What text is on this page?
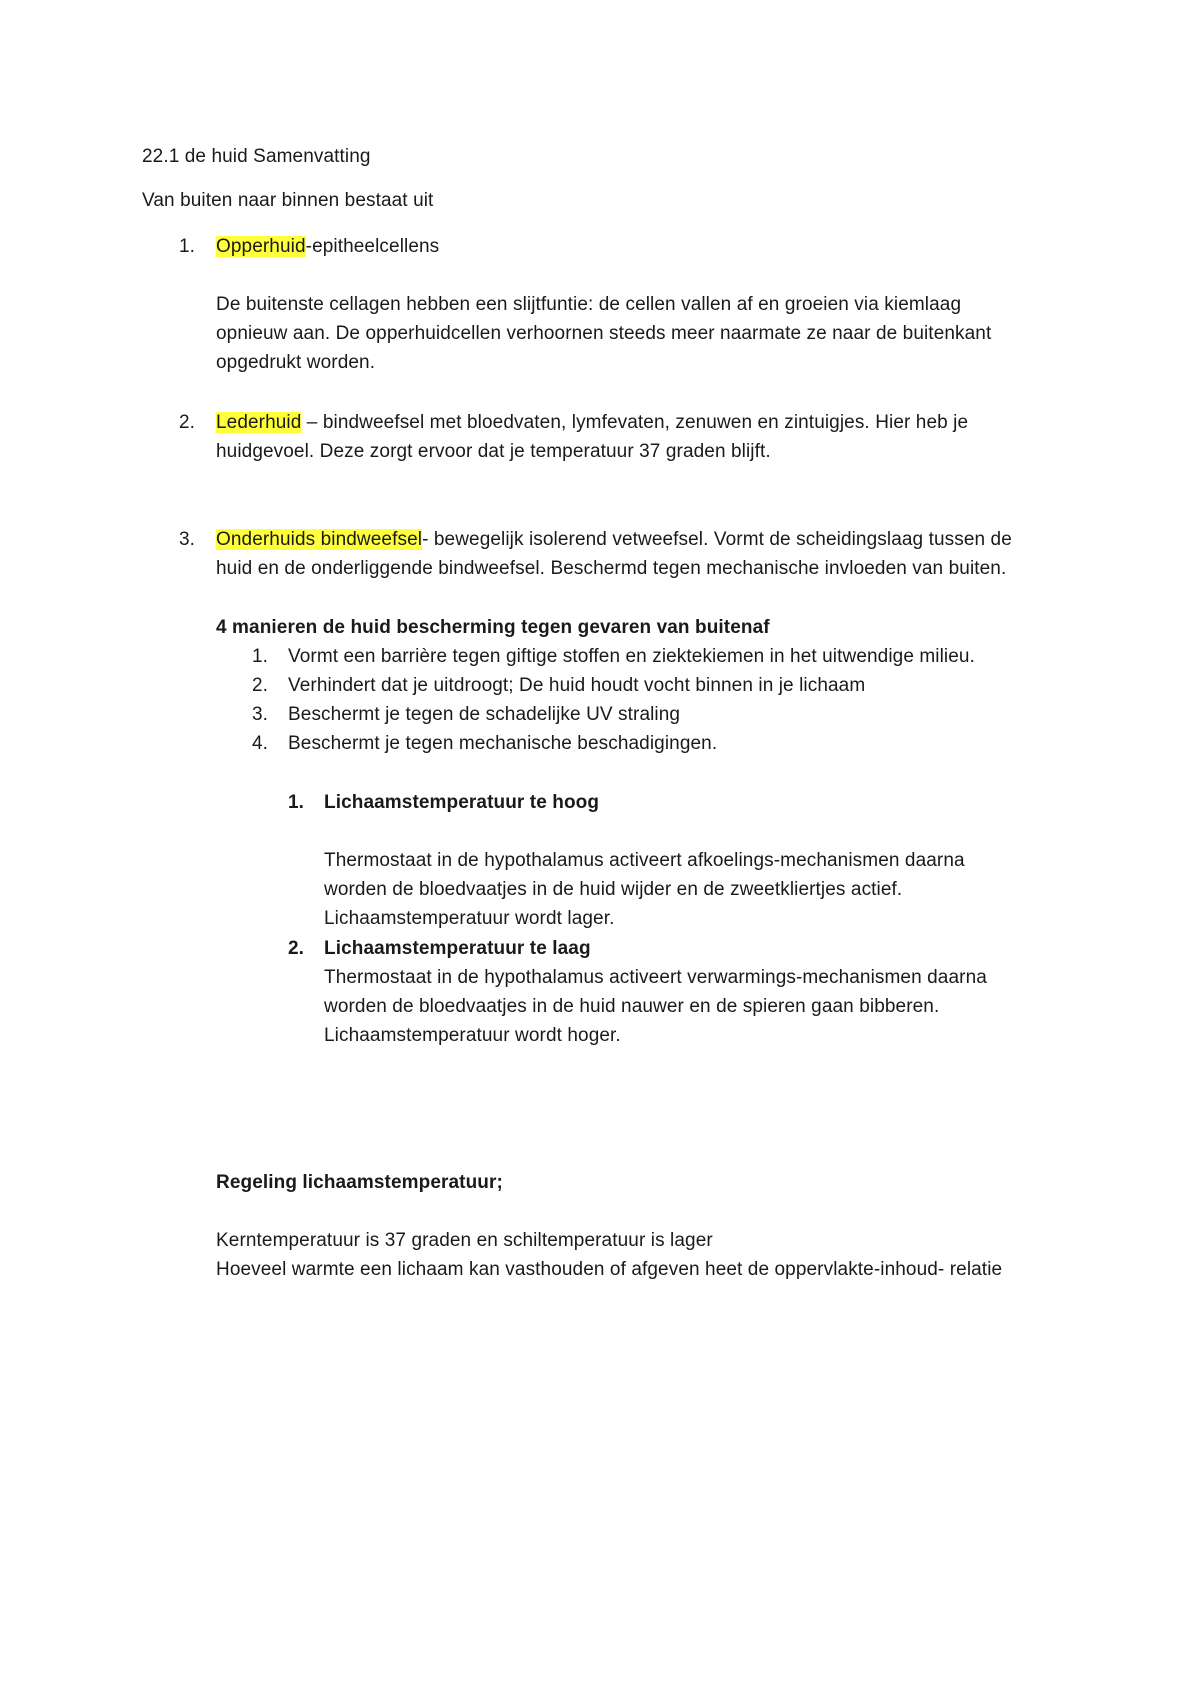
22.1 de huid Samenvatting
Van buiten naar binnen bestaat uit
1. Opperhuid-epitheelcellens
De buitenste cellagen hebben een slijtfuntie: de cellen vallen af en groeien via kiemlaag
opnieuw aan. De opperhuidcellen verhoornen steeds meer naarmate ze naar de buitenkant
opgedrukt worden.
2. Lederhuid – bindweefsel met bloedvaten, lymfevaten, zenuwen en zintuigjes. Hier heb je
huidgevoel. Deze zorgt ervoor dat je temperatuur 37 graden blijft.
3. Onderhuids bindweefsel- bewegelijk isolerend vetweefsel. Vormt de scheidingslaag tussen de
huid en de onderliggende bindweefsel. Beschermd tegen mechanische invloeden van buiten.
4 manieren de huid bescherming tegen gevaren van buitenaf
1. Vormt een barrière tegen giftige stoffen en ziektekiemen in het uitwendige milieu.
2. Verhindert dat je uitdroogt; De huid houdt vocht binnen in je lichaam
3. Beschermt je tegen de schadelijke UV straling
4. Beschermt je tegen mechanische beschadigingen.
1. Lichaamstemperatuur te hoog
Thermostaat in de hypothalamus activeert afkoelings-mechanismen daarna
worden de bloedvaatjes in de huid wijder en de zweetkliertjes actief.
Lichaamstemperatuur wordt lager.
2. Lichaamstemperatuur te laag
Thermostaat in de hypothalamus activeert verwarmings-mechanismen daarna
worden de bloedvaatjes in de huid nauwer en de spieren gaan bibberen.
Lichaamstemperatuur wordt hoger.
Regeling lichaamstemperatuur;
Kerntemperatuur is 37 graden en schiltemperatuur is lager
Hoeveel warmte een lichaam kan vasthouden of afgeven heet de oppervlakte-inhoud- relatie
